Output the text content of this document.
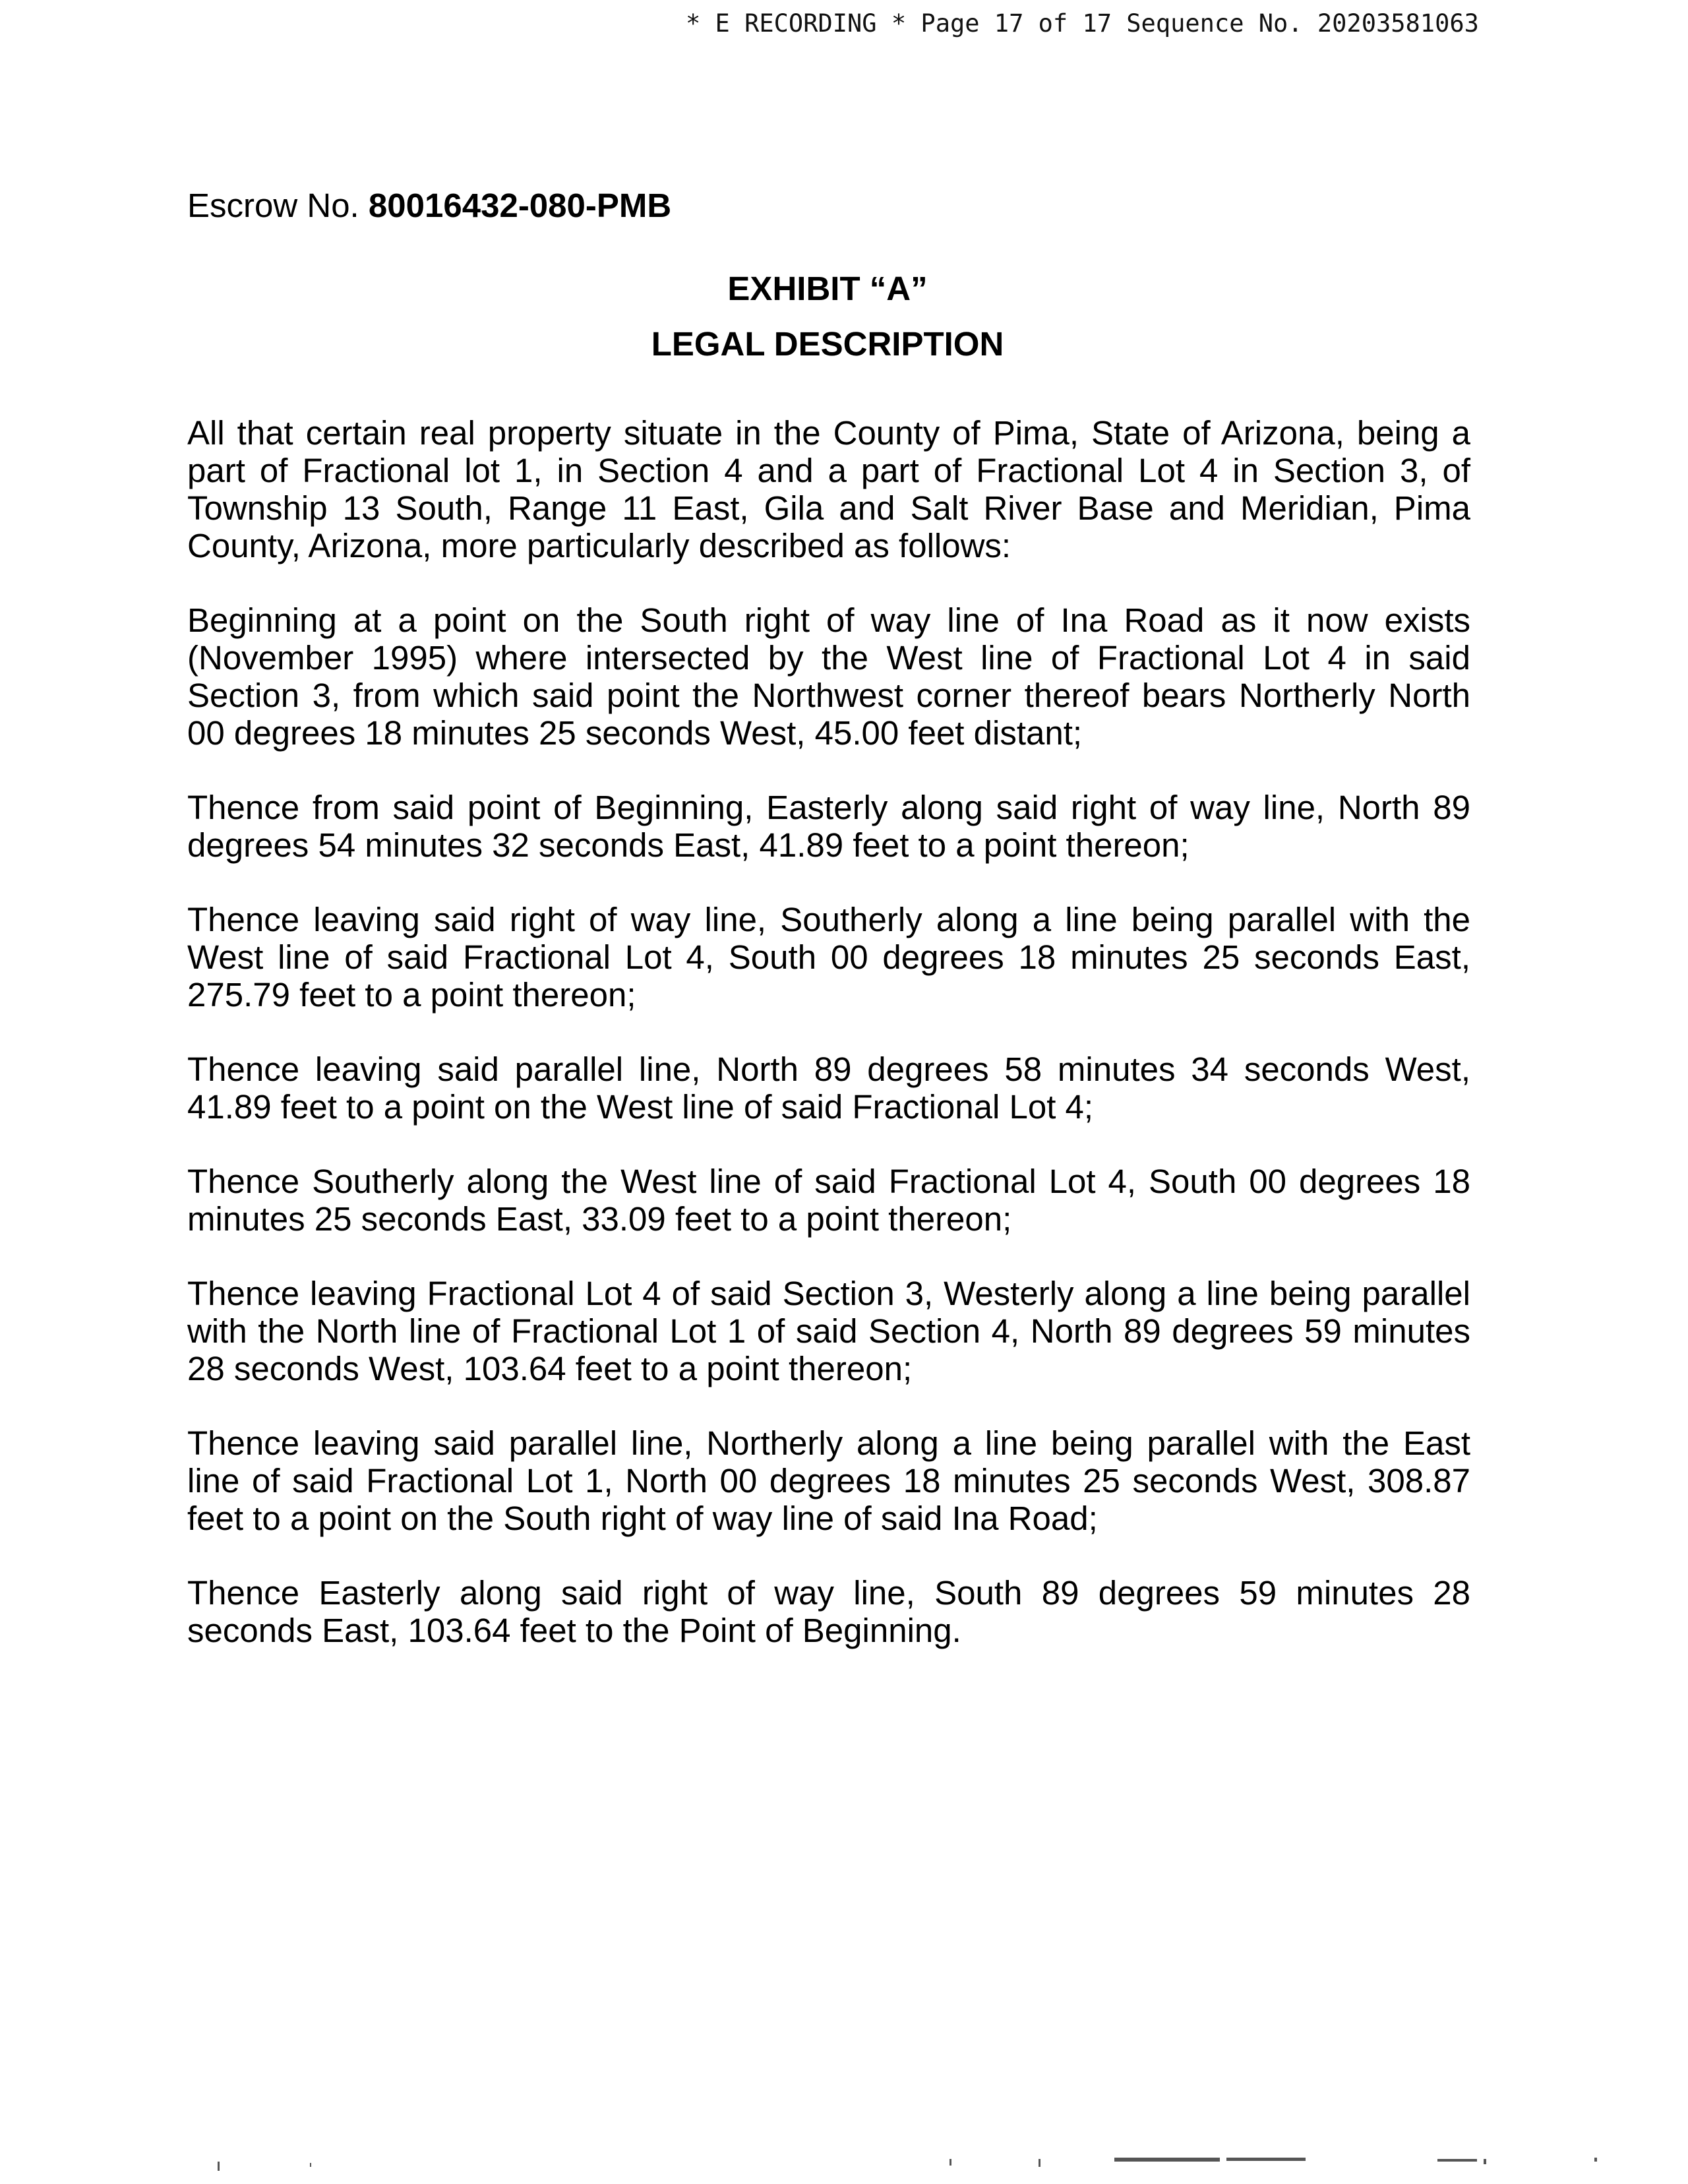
* E RECORDING * Page 17 of 17 Sequence No. 20203581063
Escrow No. 80016432-080-PMB
EXHIBIT “A”
LEGAL DESCRIPTION

All that certain real property situate in the County of Pima, State of Arizona, being a part of Fractional lot 1, in Section 4 and a part of Fractional Lot 4 in Section 3, of Township 13 South, Range 11 East, Gila and Salt River Base and Meridian, Pima County, Arizona, more particularly described as follows:

Beginning at a point on the South right of way line of Ina Road as it now exists (November 1995) where intersected by the West line of Fractional Lot 4 in said Section 3, from which said point the Northwest corner thereof bears Northerly North 00 degrees 18 minutes 25 seconds West, 45.00 feet distant;

Thence from said point of Beginning, Easterly along said right of way line, North 89 degrees 54 minutes 32 seconds East, 41.89 feet to a point thereon;

Thence leaving said right of way line, Southerly along a line being parallel with the West line of said Fractional Lot 4, South 00 degrees 18 minutes 25 seconds East, 275.79 feet to a point thereon;

Thence leaving said parallel line, North 89 degrees 58 minutes 34 seconds West, 41.89 feet to a point on the West line of said Fractional Lot 4;

Thence Southerly along the West line of said Fractional Lot 4, South 00 degrees 18 minutes 25 seconds East, 33.09 feet to a point thereon;

Thence leaving Fractional Lot 4 of said Section 3, Westerly along a line being parallel with the North line of Fractional Lot 1 of said Section 4, North 89 degrees 59 minutes 28 seconds West, 103.64 feet to a point thereon;

Thence leaving said parallel line, Northerly along a line being parallel with the East line of said Fractional Lot 1, North 00 degrees 18 minutes 25 seconds West, 308.87 feet to a point on the South right of way line of said Ina Road;

Thence Easterly along said right of way line, South 89 degrees 59 minutes 28 seconds East, 103.64 feet to the Point of Beginning.
